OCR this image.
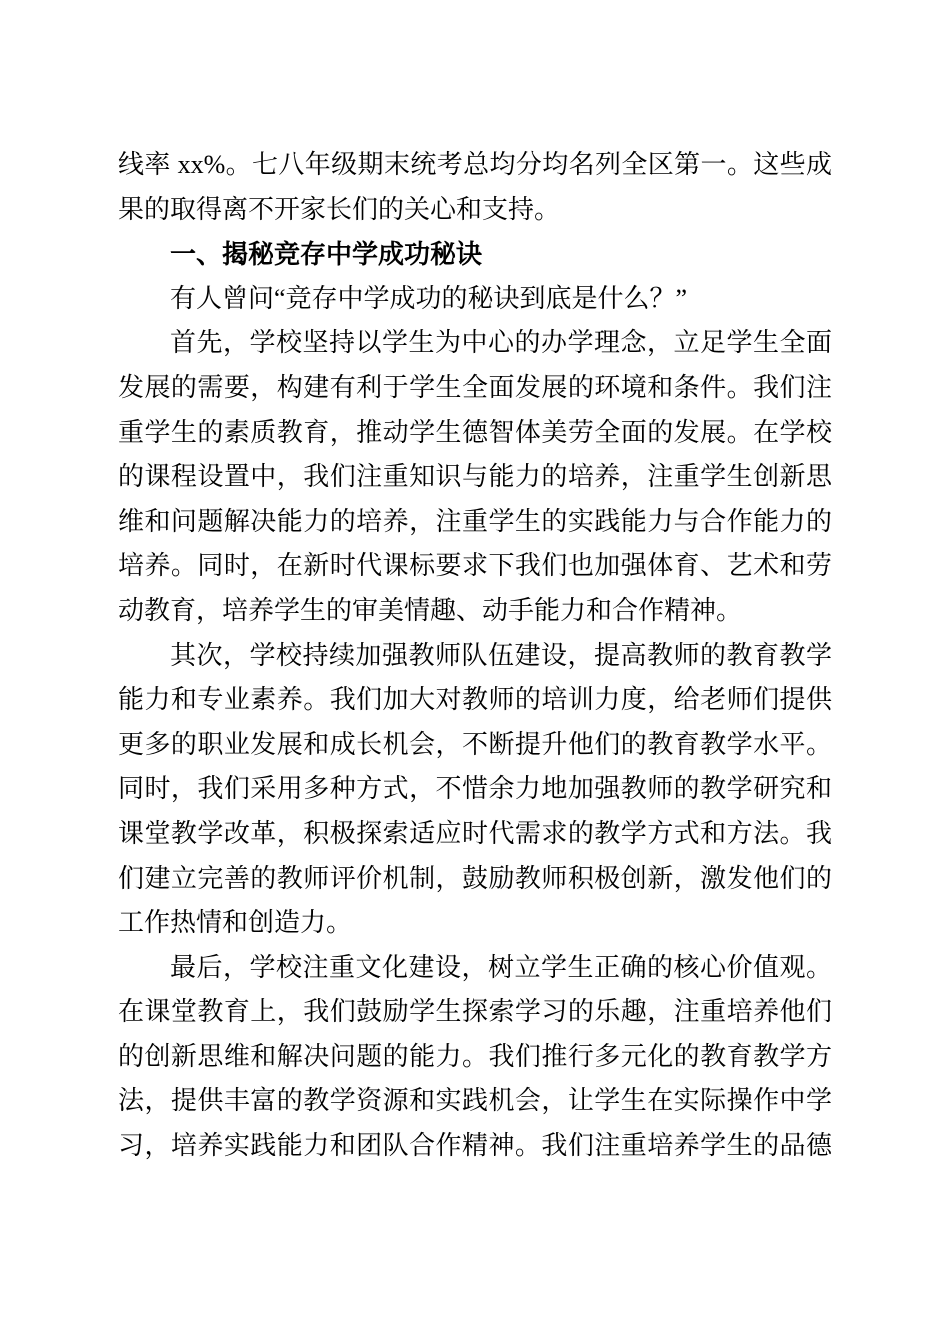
线率 xx%。七八年级期末统考总均分均名列全区第一。这些成
果的取得离不开家长们的关心和支持。
一、揭秘竞存中学成功秘诀
有人曾问“竞存中学成功的秘诀到底是什么？”
首先，学校坚持以学生为中心的办学理念，立足学生全面
发展的需要，构建有利于学生全面发展的环境和条件。我们注
重学生的素质教育，推动学生德智体美劳全面的发展。在学校
的课程设置中，我们注重知识与能力的培养，注重学生创新思
维和问题解决能力的培养，注重学生的实践能力与合作能力的
培养。同时，在新时代课标要求下我们也加强体育、艺术和劳
动教育，培养学生的审美情趣、动手能力和合作精神。
其次，学校持续加强教师队伍建设，提高教师的教育教学
能力和专业素养。我们加大对教师的培训力度，给老师们提供
更多的职业发展和成长机会，不断提升他们的教育教学水平。
同时，我们采用多种方式，不惜余力地加强教师的教学研究和
课堂教学改革，积极探索适应时代需求的教学方式和方法。我
们建立完善的教师评价机制，鼓励教师积极创新，激发他们的
工作热情和创造力。
最后，学校注重文化建设，树立学生正确的核心价值观。
在课堂教育上，我们鼓励学生探索学习的乐趣，注重培养他们
的创新思维和解决问题的能力。我们推行多元化的教育教学方
法，提供丰富的教学资源和实践机会，让学生在实际操作中学
习，培养实践能力和团队合作精神。我们注重培养学生的品德
